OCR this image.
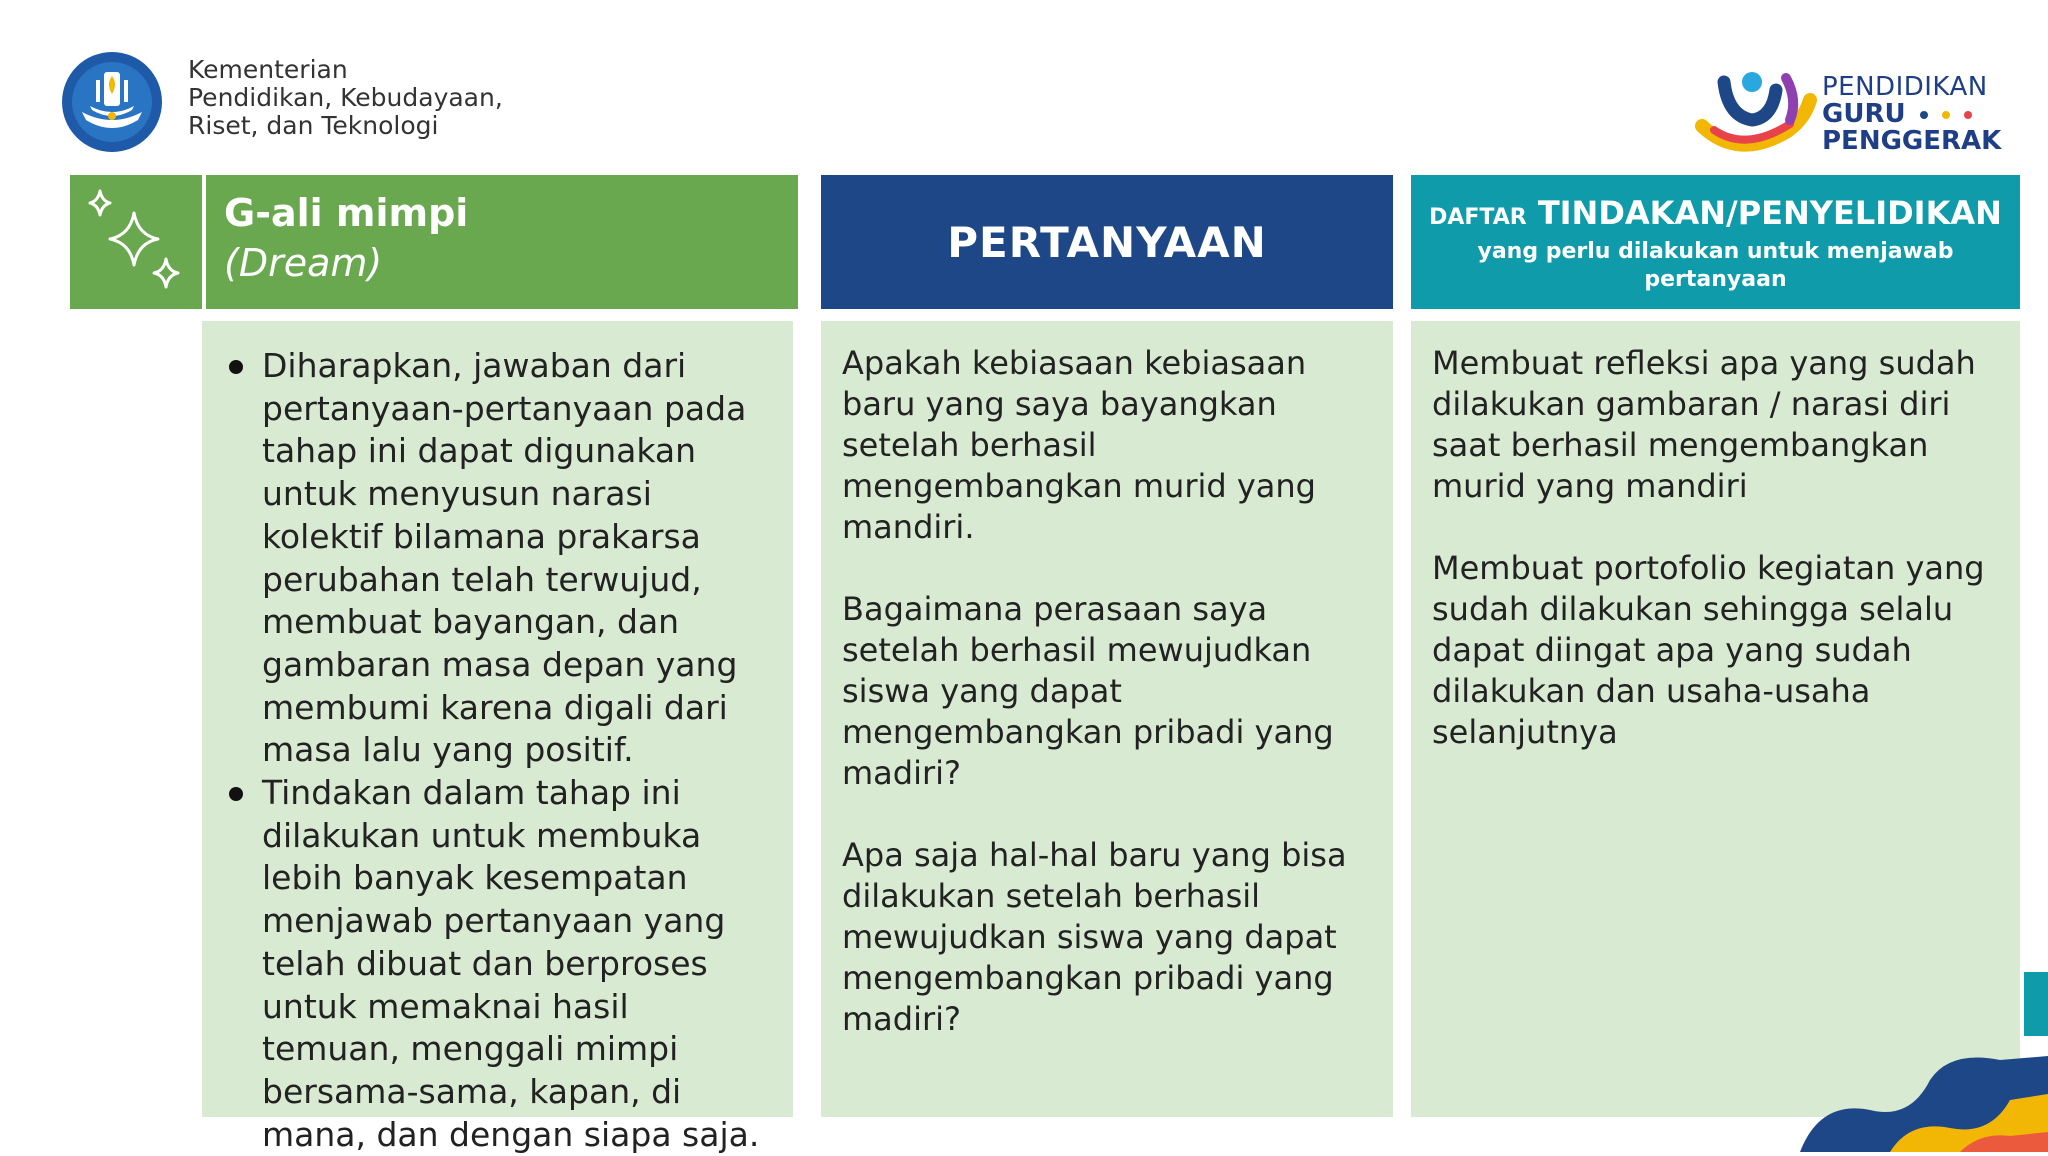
Kementerian
Pendidikan, Kebudayaan,
Riset, dan Teknologi
PENDIDIKAN
GURU
PENGGERAK
G-ali mimpi
(Dream)	PERTANYAAN	DAFTAR TINDAKAN/PENYELIDIKAN
yang perlu dilakukan untuk menjawab pertanyaan
Diharapkan, jawaban dari pertanyaan-pertanyaan pada tahap ini dapat digunakan untuk menyusun narasi kolektif bilamana prakarsa perubahan telah terwujud, membuat bayangan, dan gambaran masa depan yang membumi karena digali dari masa lalu yang positif.
Tindakan dalam tahap ini dilakukan untuk membuka lebih banyak kesempatan menjawab pertanyaan yang telah dibuat dan berproses untuk memaknai hasil temuan, menggali mimpi bersama-sama, kapan, di mana, dan dengan siapa saja.

Apakah kebiasaan kebiasaan baru yang saya bayangkan setelah berhasil mengembangkan murid yang mandiri.

Bagaimana perasaan saya setelah berhasil mewujudkan siswa yang dapat mengembangkan pribadi yang madiri?

Apa saja hal-hal baru yang bisa dilakukan setelah berhasil mewujudkan siswa yang dapat mengembangkan pribadi yang madiri?

Membuat refleksi apa yang sudah dilakukan gambaran / narasi diri saat berhasil mengembangkan murid yang mandiri

Membuat portofolio kegiatan yang sudah dilakukan sehingga selalu dapat diingat apa yang sudah dilakukan dan usaha-usaha selanjutnya
